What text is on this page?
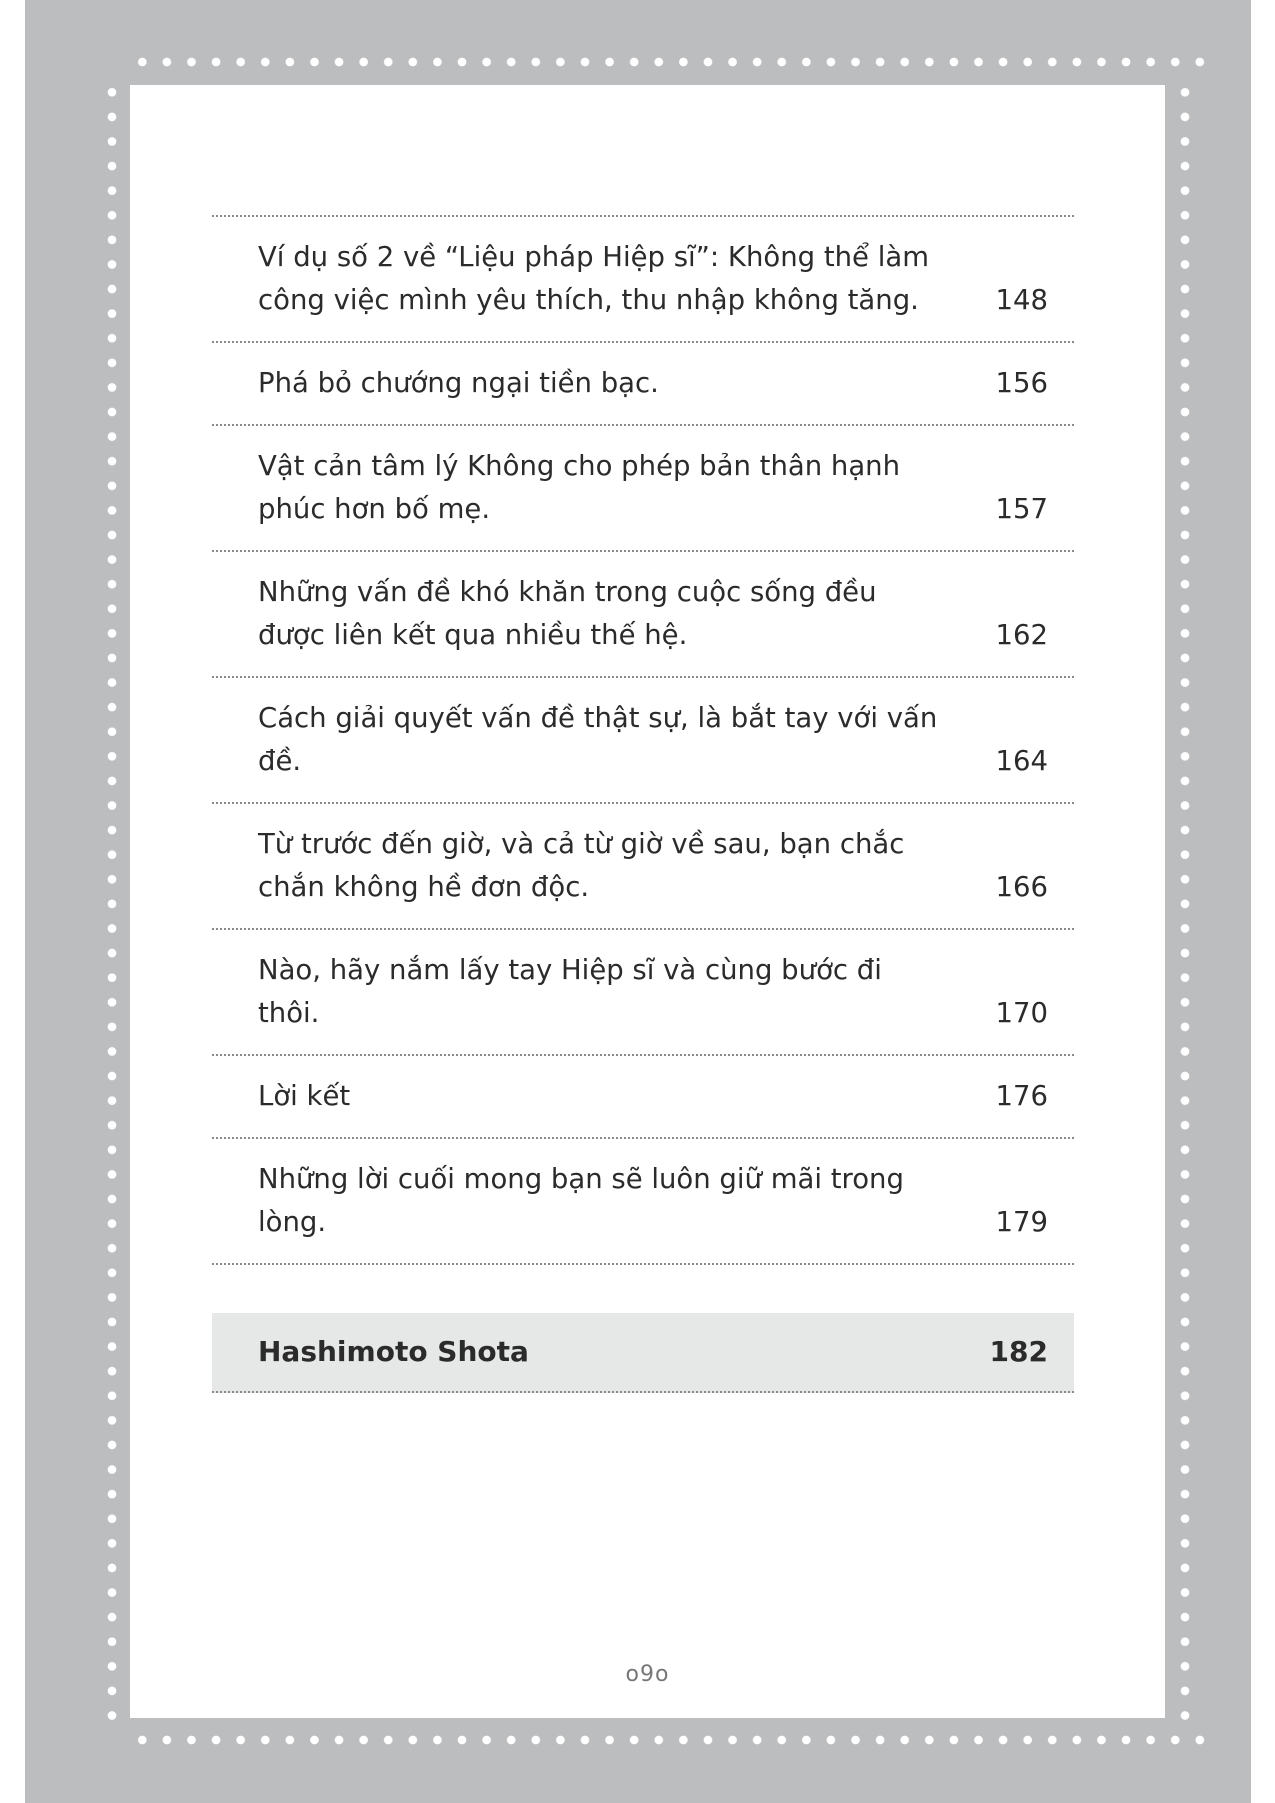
Ví dụ số 2 về “Liệu pháp Hiệp sĩ”: Không thể làm công việc mình yêu thích, thu nhập không tăng.	148
Phá bỏ chướng ngại tiền bạc.	156
Vật cản tâm lý Không cho phép bản thân hạnh phúc hơn bố mẹ.	157
Những vấn đề khó khăn trong cuộc sống đều được liên kết qua nhiều thế hệ.	162
Cách giải quyết vấn đề thật sự, là bắt tay với vấn đề.	164
Từ trước đến giờ, và cả từ giờ về sau, bạn chắc chắn không hề đơn độc.	166
Nào, hãy nắm lấy tay Hiệp sĩ và cùng bước đi thôi.	170
Lời kết	176
Những lời cuối mong bạn sẽ luôn giữ mãi trong lòng.	179
Hashimoto Shota	182
o9o
